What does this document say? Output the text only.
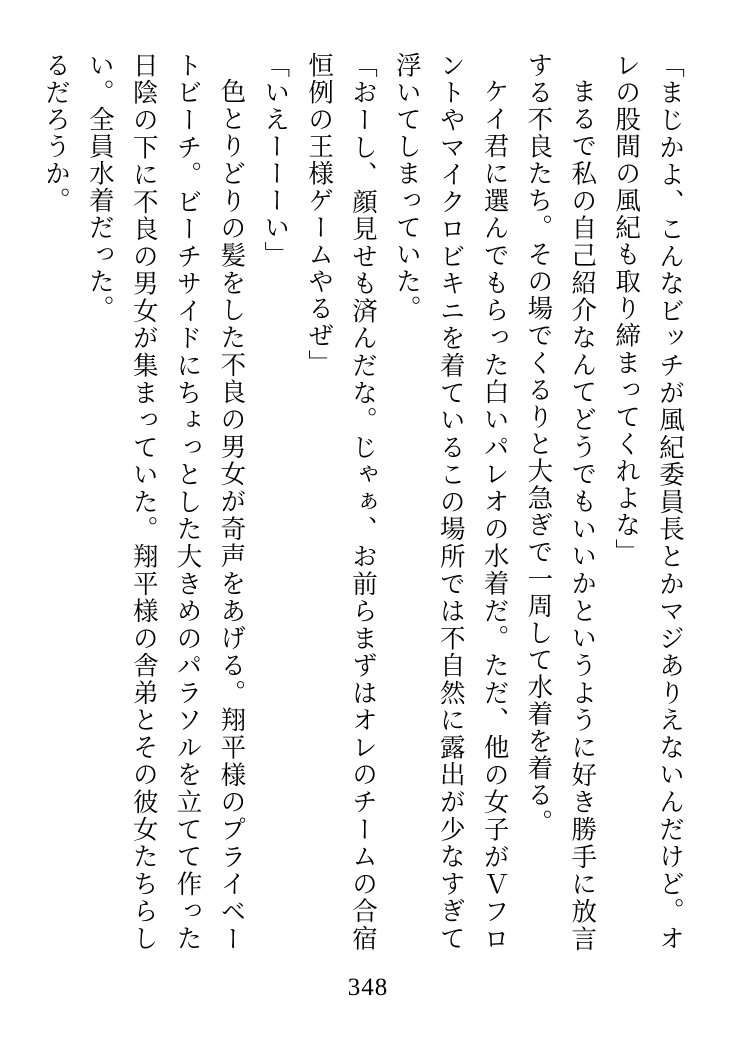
「まじかよ、こんなビッチが風紀委員長とかマジありえないんだけど。オレの股間の風紀も取り締まってくれよな」

まるで私の自己紹介なんてどうでもいいかというように好き勝手に放言する不良たち。その場でくるりと大急ぎで一周して水着を着る。

ケイ君に選んでもらった白いパレオの水着だ。ただ、他の女子がＶフロントやマイクロビキニを着ているこの場所では不自然に露出が少なすぎて浮いてしまっていた。

「おーし、顔見せも済んだな。じゃぁ、お前らまずはオレのチームの合宿恒例の王様ゲームやるぜ」

「いえーーーい」

色とりどりの髪をした不良の男女が奇声をあげる。翔平様のプライベートビーチ。ビーチサイドにちょっとした大きめのパラソルを立てて作った日陰の下に不良の男女が集まっていた。翔平様の舎弟とその彼女たちらしい。全員水着だった。

るだろうか。

348
